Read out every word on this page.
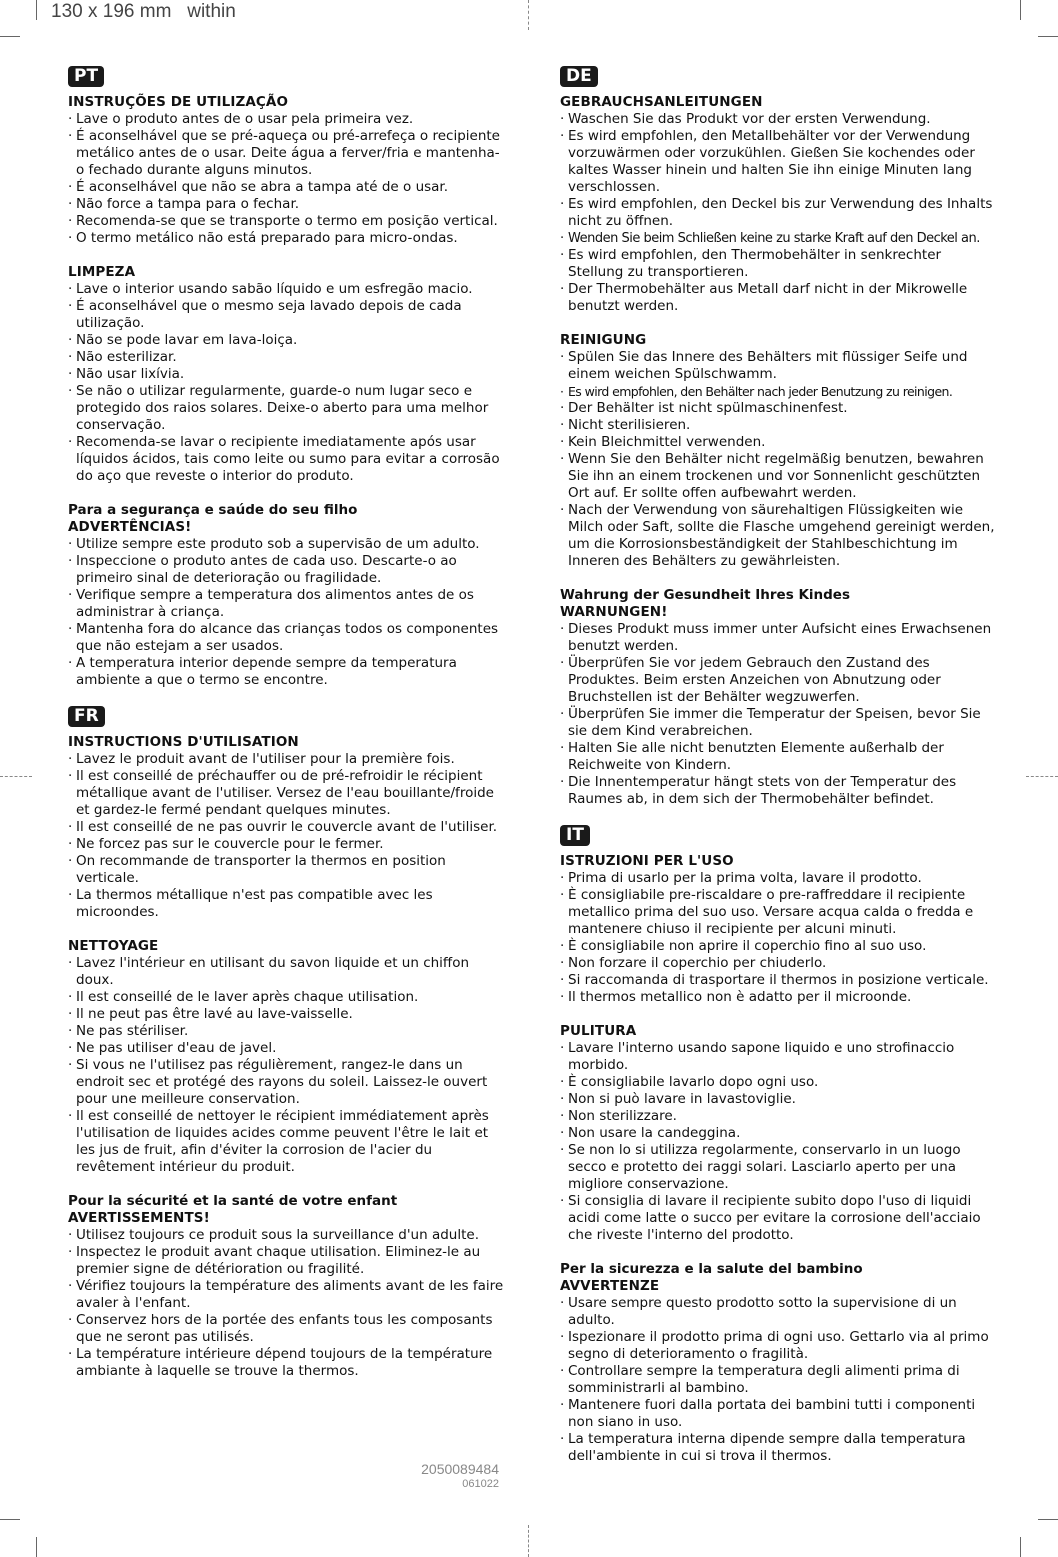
130 x 196 mm   within
PT

INSTRUÇÕES DE UTILIZAÇÃO

· Lave o produto antes de o usar pela primeira vez.
· É aconselhável que se pré-aqueça ou pré-arrefeça o recipiente metálico antes de o usar. Deite água a ferver/fria e mantenha-o fechado durante alguns minutos.
· É aconselhável que não se abra a tampa até de o usar.
· Não force a tampa para o fechar.
· Recomenda-se que se transporte o termo em posição vertical.
· O termo metálico não está preparado para micro-ondas.

LIMPEZA

· Lave o interior usando sabão líquido e um esfregão macio.
· É aconselhável que o mesmo seja lavado depois de cada utilização.
· Não se pode lavar em lava-loiça.
· Não esterilizar.
· Não usar lixívia.
· Se não o utilizar regularmente, guarde-o num lugar seco e protegido dos raios solares. Deixe-o aberto para uma melhor conservação.
· Recomenda-se lavar o recipiente imediatamente após usar líquidos ácidos, tais como leite ou sumo para evitar a corrosão do aço que reveste o interior do produto.

Para a segurança e saúde do seu filho

ADVERTÊNCIAS!

· Utilize sempre este produto sob a supervisão de um adulto.
· Inspeccione o produto antes de cada uso. Descarte-o ao primeiro sinal de deterioração ou fragilidade.
· Verifique sempre a temperatura dos alimentos antes de os administrar à criança.
· Mantenha fora do alcance das crianças todos os componentes que não estejam a ser usados.
· A temperatura interior depende sempre da temperatura ambiente a que o termo se encontre.
FR

INSTRUCTIONS D'UTILISATION

· Lavez le produit avant de l'utiliser pour la première fois.
· Il est conseillé de préchauffer ou de pré-refroidir le récipient métallique avant de l'utiliser. Versez de l'eau bouillante/froide et gardez-le fermé pendant quelques minutes.
· Il est conseillé de ne pas ouvrir le couvercle avant de l'utiliser.
· Ne forcez pas sur le couvercle pour le fermer.
· On recommande de transporter la thermos en position verticale.
· La thermos métallique n'est pas compatible avec les microondes.

NETTOYAGE

· Lavez l'intérieur en utilisant du savon liquide et un chiffon doux.
· Il est conseillé de le laver après chaque utilisation.
· Il ne peut pas être lavé au lave-vaisselle.
· Ne pas stériliser.
· Ne pas utiliser d'eau de javel.
· Si vous ne l'utilisez pas régulièrement, rangez-le dans un endroit sec et protégé des rayons du soleil. Laissez-le ouvert pour une meilleure conservation.
· Il est conseillé de nettoyer le récipient immédiatement après l'utilisation de liquides acides comme peuvent l'être le lait et les jus de fruit, afin d'éviter la corrosion de l'acier du revêtement intérieur du produit.

Pour la sécurité et la santé de votre enfant

AVERTISSEMENTS!

· Utilisez toujours ce produit sous la surveillance d'un adulte.
· Inspectez le produit avant chaque utilisation. Eliminez-le au premier signe de détérioration ou fragilité.
· Vérifiez toujours la température des aliments avant de les faire avaler à l'enfant.
· Conservez hors de la portée des enfants tous les composants que ne seront pas utilisés.
· La température intérieure dépend toujours de la température ambiante à laquelle se trouve la thermos.
DE

GEBRAUCHSANLEITUNGEN

· Waschen Sie das Produkt vor der ersten Verwendung.
· Es wird empfohlen, den Metallbehälter vor der Verwendung vorzuwärmen oder vorzukühlen. Gießen Sie kochendes oder kaltes Wasser hinein und halten Sie ihn einige Minuten lang verschlossen.
· Es wird empfohlen, den Deckel bis zur Verwendung des Inhalts nicht zu öffnen.
· Wenden Sie beim Schließen keine zu starke Kraft auf den Deckel an.
· Es wird empfohlen, den Thermobehälter in senkrechter Stellung zu transportieren.
· Der Thermobehälter aus Metall darf nicht in der Mikrowelle benutzt werden.

REINIGUNG

· Spülen Sie das Innere des Behälters mit flüssiger Seife und einem weichen Spülschwamm.
· Es wird empfohlen, den Behälter nach jeder Benutzung zu reinigen.
· Der Behälter ist nicht spülmaschinenfest.
· Nicht sterilisieren.
· Kein Bleichmittel verwenden.
· Wenn Sie den Behälter nicht regelmäßig benutzen, bewahren Sie ihn an einem trockenen und vor Sonnenlicht geschützten Ort auf. Er sollte offen aufbewahrt werden.
· Nach der Verwendung von säurehaltigen Flüssigkeiten wie Milch oder Saft, sollte die Flasche umgehend gereinigt werden, um die Korrosionsbeständigkeit der Stahlbeschichtung im Inneren des Behälters zu gewährleisten.

Wahrung der Gesundheit Ihres Kindes

WARNUNGEN!

· Dieses Produkt muss immer unter Aufsicht eines Erwachsenen benutzt werden.
· Überprüfen Sie vor jedem Gebrauch den Zustand des Produktes. Beim ersten Anzeichen von Abnutzung oder Bruchstellen ist der Behälter wegzuwerfen.
· Überprüfen Sie immer die Temperatur der Speisen, bevor Sie sie dem Kind verabreichen.
· Halten Sie alle nicht benutzten Elemente außerhalb der Reichweite von Kindern.
· Die Innentemperatur hängt stets von der Temperatur des Raumes ab, in dem sich der Thermobehälter befindet.
IT

ISTRUZIONI PER L'USO

· Prima di usarlo per la prima volta, lavare il prodotto.
· È consigliabile pre-riscaldare o pre-raffreddare il recipiente metallico prima del suo uso. Versare acqua calda o fredda e mantenere chiuso il recipiente per alcuni minuti.
· È consigliabile non aprire il coperchio fino al suo uso.
· Non forzare il coperchio per chiuderlo.
· Si raccomanda di trasportare il thermos in posizione verticale.
· Il thermos metallico non è adatto per il microonde.

PULITURA

· Lavare l'interno usando sapone liquido e uno strofinaccio morbido.
· È consigliabile lavarlo dopo ogni uso.
· Non si può lavare in lavastoviglie.
· Non sterilizzare.
· Non usare la candeggina.
· Se non lo si utilizza regolarmente, conservarlo in un luogo secco e protetto dei raggi solari. Lasciarlo aperto per una migliore conservazione.
· Si consiglia di lavare il recipiente subito dopo l'uso di liquidi acidi come latte o succo per evitare la corrosione dell'acciaio che riveste l'interno del prodotto.

Per la sicurezza e la salute del bambino

AVVERTENZE

· Usare sempre questo prodotto sotto la supervisione di un adulto.
· Ispezionare il prodotto prima di ogni uso. Gettarlo via al primo segno di deterioramento o fragilità.
· Controllare sempre la temperatura degli alimenti prima di somministrarli al bambino.
· Mantenere fuori dalla portata dei bambini tutti i componenti non siano in uso.
· La temperatura interna dipende sempre dalla temperatura dell'ambiente in cui si trova il thermos.
2050089484
061022
